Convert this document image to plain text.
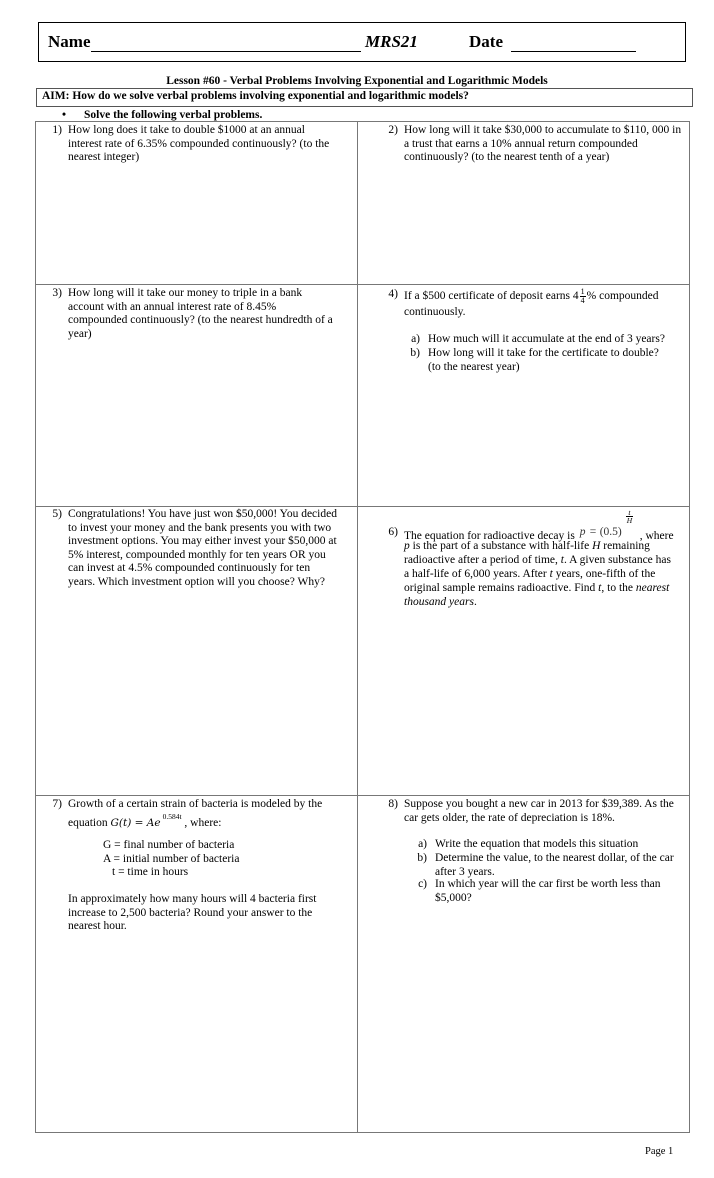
Name	MRS21	Date
Lesson #60 - Verbal Problems Involving Exponential and Logarithmic Models
AIM: How do we solve verbal problems involving exponential and logarithmic models?
• Solve the following verbal problems.
1) How long does it take to double $1000 at an annual interest rate of 6.35% compounded continuously? (to the nearest integer)
2) How long will it take $30,000 to accumulate to $110, 000 in a trust that earns a 10% annual return compounded continuously? (to the nearest tenth of a year)
3) How long will it take our money to triple in a bank account with an annual interest rate of 8.45% compounded continuously? (to the nearest hundredth of a year)
4) If a $500 certificate of deposit earns $4 \frac{1}{4}$ % compounded
continuously.
a) How much will it accumulate at the end of 3 years?
b) How long will it take for the certificate to double? (to the nearest year)
5) Congratulations! You have just won $50,000! You decided to invest your money and the bank presents you with two investment options. You may either invest your $50,000 at 5% interest, compounded monthly for ten years OR you can invest at 4.5% compounded continuously for ten years. Which investment option will you choose? Why?
6) The equation for radioactive decay is p = (0.5)
$\frac{t}{H}$
, where
p is the part of a substance with half-life H remaining
radioactive after a period of time, t. A given substance has
a half-life of 6,000 years. After t years, one-fifth of the
original sample remains radioactive. Find t, to the nearest
thousand years.
7) Growth of a certain strain of bacteria is modeled by the
equation $G(t) = Ae^{0.584t}$ , where:
G = final number of bacteria
A = initial number of bacteria
t = time in hours
In approximately how many hours will 4 bacteria first increase to 2,500 bacteria? Round your answer to the nearest hour.
8) Suppose you bought a new car in 2013 for $39,389. As the car gets older, the rate of depreciation is 18%.
a) Write the equation that models this situation
b) Determine the value, to the nearest dollar, of the car after 3 years.
c) In which year will the car first be worth less than $5,000?
Page 1
